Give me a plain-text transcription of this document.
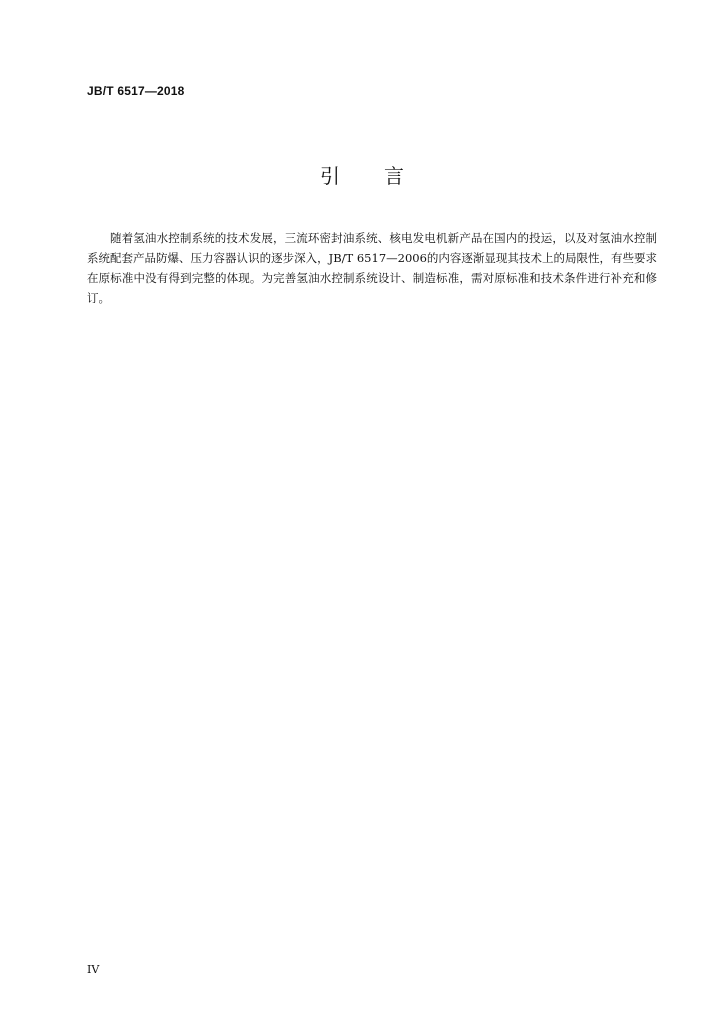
JB/T 6517—2018
引 言
随着氢油水控制系统的技术发展，三流环密封油系统、核电发电机新产品在国内的投运，以及对氢油水控制系统配套产品防爆、压力容器认识的逐步深入，JB/T 6517—2006的内容逐渐显现其技术上的局限性，有些要求在原标准中没有得到完整的体现。为完善氢油水控制系统设计、制造标准，需对原标准和技术条件进行补充和修订。
IV
